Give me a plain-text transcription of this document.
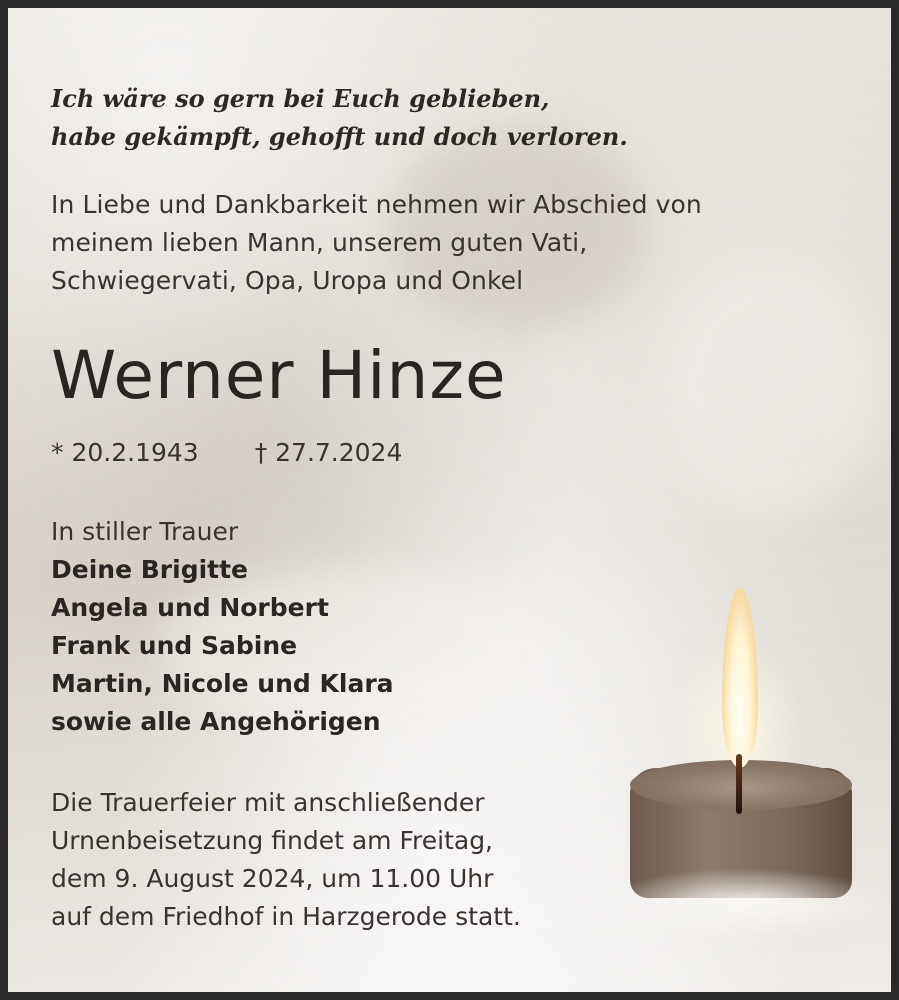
Ich wäre so gern bei Euch geblieben,
habe gekämpft, gehofft und doch verloren.
In Liebe und Dankbarkeit nehmen wir Abschied von
meinem lieben Mann, unserem guten Vati,
Schwiegervati, Opa, Uropa und Onkel
Werner Hinze
* 20.2.1943 † 27.7.2024
In stiller Trauer
Deine Brigitte
Angela und Norbert
Frank und Sabine
Martin, Nicole und Klara
sowie alle Angehörigen
Die Trauerfeier mit anschließender
Urnenbeisetzung findet am Freitag,
dem 9. August 2024, um 11.00 Uhr
auf dem Friedhof in Harzgerode statt.
